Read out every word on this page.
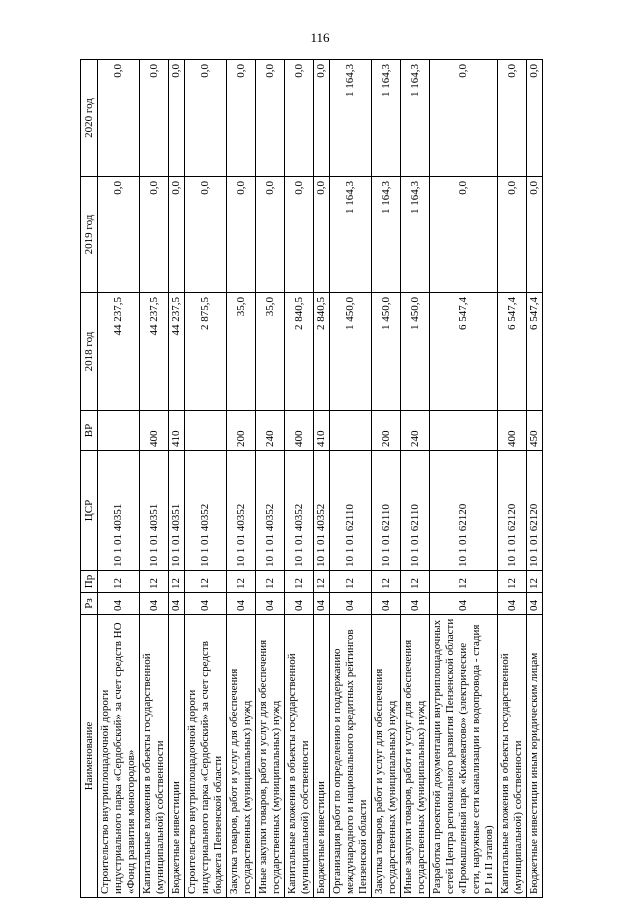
116
Наименование	Рз	Пр	ЦСР	ВР	2018 год	2019 год	2020 год
Строительство внутриплощадочной дороги индустриального парка «Сердобский» за счет средств НО «Фонд развития моногородов»	04	12	10 1 01 40351		44 237,5	0,0	0,0
Капитальные вложения в объекты государственной (муниципальной) собственности	04	12	10 1 01 40351	400	44 237,5	0,0	0,0
Бюджетные инвестиции	04	12	10 1 01 40351	410	44 237,5	0,0	0,0
Строительство внутриплощадочной дороги индустриального парка «Сердобский» за счет средств бюджета Пензенской области	04	12	10 1 01 40352		2 875,5	0,0	0,0
Закупка товаров, работ и услуг для обеспечения государственных (муниципальных) нужд	04	12	10 1 01 40352	200	35,0	0,0	0,0
Иные закупки товаров, работ и услуг для обеспечения государственных (муниципальных) нужд	04	12	10 1 01 40352	240	35,0	0,0	0,0
Капитальные вложения в объекты государственной (муниципальной) собственности	04	12	10 1 01 40352	400	2 840,5	0,0	0,0
Бюджетные инвестиции	04	12	10 1 01 40352	410	2 840,5	0,0	0,0
Организация работ по определению и поддержанию международного и национального кредитных рейтингов Пензенской области	04	12	10 1 01 62110		1 450,0	1 164,3	1 164,3
Закупка товаров, работ и услуг для обеспечения государственных (муниципальных) нужд	04	12	10 1 01 62110	200	1 450,0	1 164,3	1 164,3
Иные закупки товаров, работ и услуг для обеспечения государственных (муниципальных) нужд	04	12	10 1 01 62110	240	1 450,0	1 164,3	1 164,3
Разработка проектной документации внутриплощадочных сетей Центра регионального развития Пензенской области «Промышленный парк «Кижеватово» (электрические сети, наружные сети канализации и водопровода - стадия Р I и II этапов)	04	12	10 1 01 62120		6 547,4	0,0	0,0
Капитальные вложения в объекты государственной (муниципальной) собственности	04	12	10 1 01 62120	400	6 547,4	0,0	0,0
Бюджетные инвестиции иным юридическим лицам	04	12	10 1 01 62120	450	6 547,4	0,0	0,0
